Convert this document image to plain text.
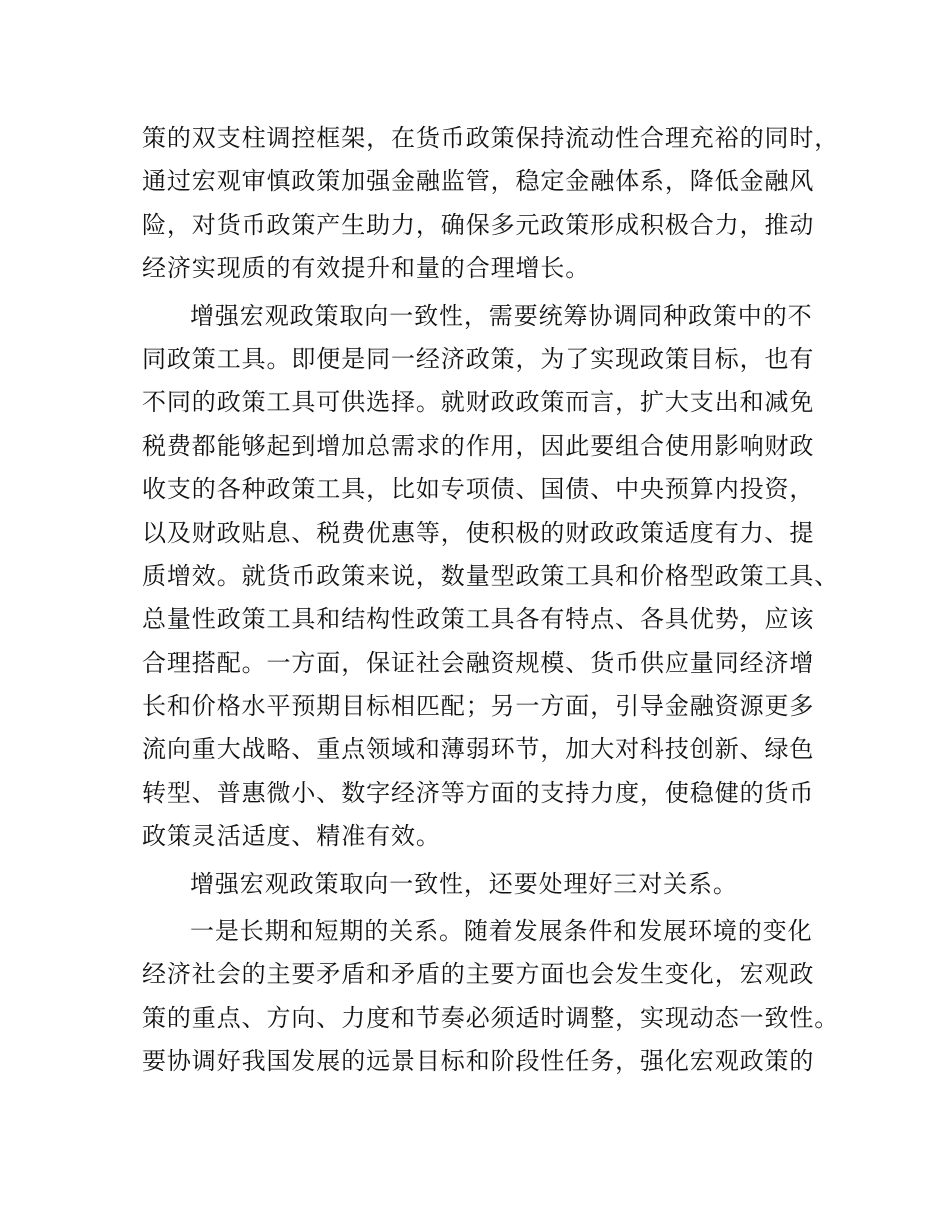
策的双支柱调控框架，在货币政策保持流动性合理充裕的同时，
通过宏观审慎政策加强金融监管，稳定金融体系，降低金融风
险，对货币政策产生助力，确保多元政策形成积极合力，推动
经济实现质的有效提升和量的合理增长。
增强宏观政策取向一致性，需要统筹协调同种政策中的不
同政策工具。即便是同一经济政策，为了实现政策目标，也有
不同的政策工具可供选择。就财政政策而言，扩大支出和减免
税费都能够起到增加总需求的作用，因此要组合使用影响财政
收支的各种政策工具，比如专项债、国债、中央预算内投资，
以及财政贴息、税费优惠等，使积极的财政政策适度有力、提
质增效。就货币政策来说，数量型政策工具和价格型政策工具、
总量性政策工具和结构性政策工具各有特点、各具优势，应该
合理搭配。一方面，保证社会融资规模、货币供应量同经济增
长和价格水平预期目标相匹配；另一方面，引导金融资源更多
流向重大战略、重点领域和薄弱环节，加大对科技创新、绿色
转型、普惠微小、数字经济等方面的支持力度，使稳健的货币
政策灵活适度、精准有效。
增强宏观政策取向一致性，还要处理好三对关系。
一是长期和短期的关系。随着发展条件和发展环境的变化
经济社会的主要矛盾和矛盾的主要方面也会发生变化，宏观政
策的重点、方向、力度和节奏必须适时调整，实现动态一致性。
要协调好我国发展的远景目标和阶段性任务，强化宏观政策的
